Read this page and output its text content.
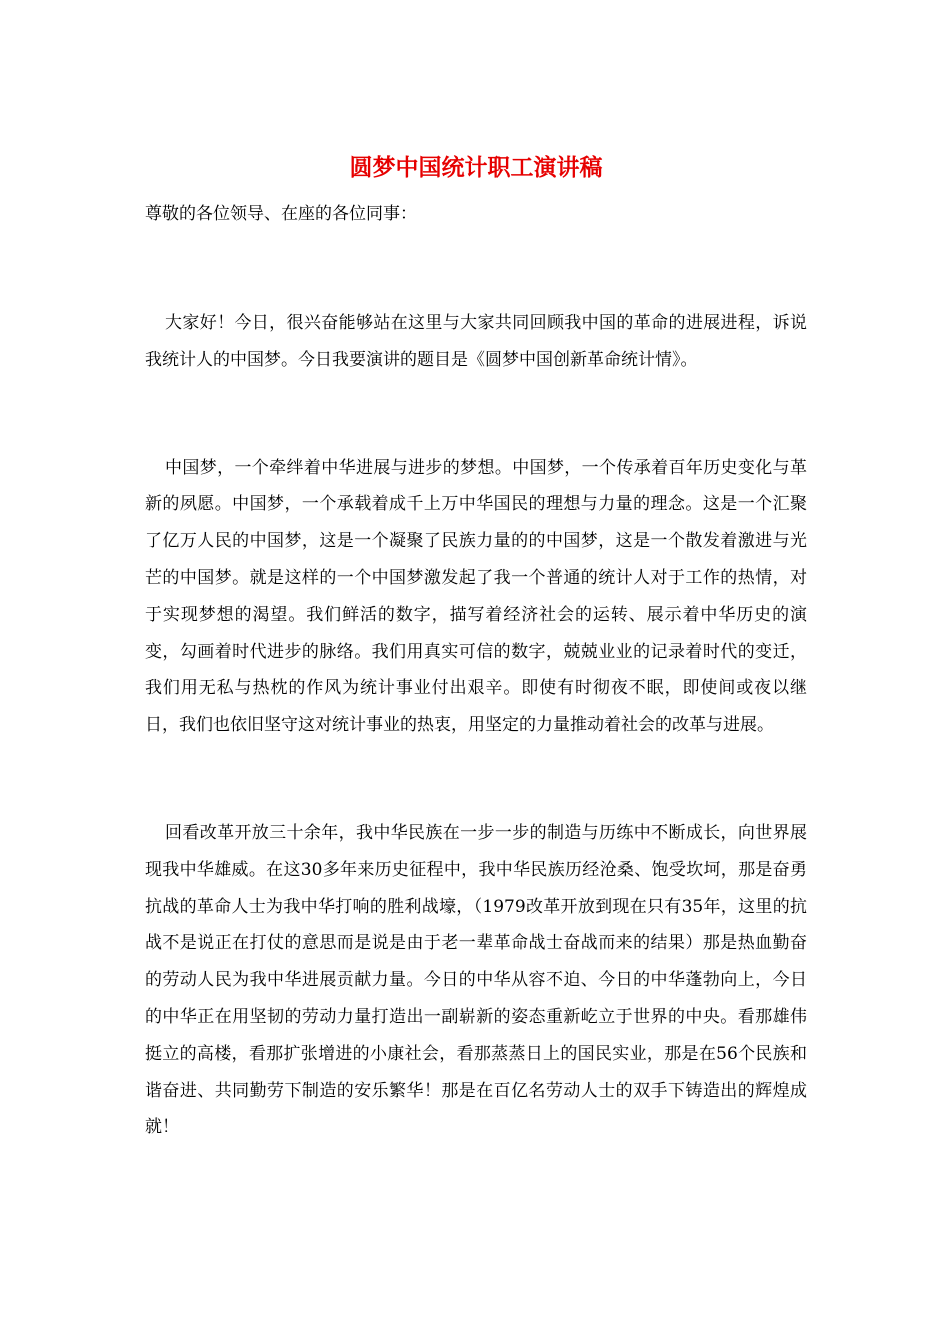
圆梦中国统计职工演讲稿

尊敬的各位领导、在座的各位同事：

大家好！今日，很兴奋能够站在这里与大家共同回顾我中国的革命的进展进程，诉说我统计人的中国梦。今日我要演讲的题目是《圆梦中国创新革命统计情》。

中国梦，一个牵绊着中华进展与进步的梦想。中国梦，一个传承着百年历史变化与革新的夙愿。中国梦，一个承载着成千上万中华国民的理想与力量的理念。这是一个汇聚了亿万人民的中国梦，这是一个凝聚了民族力量的的中国梦，这是一个散发着激进与光芒的中国梦。就是这样的一个中国梦激发起了我一个普通的统计人对于工作的热情，对于实现梦想的渴望。我们鲜活的数字，描写着经济社会的运转、展示着中华历史的演变，勾画着时代进步的脉络。我们用真实可信的数字，兢兢业业的记录着时代的变迁，我们用无私与热枕的作风为统计事业付出艰辛。即使有时彻夜不眠，即使间或夜以继日，我们也依旧坚守这对统计事业的热衷，用坚定的力量推动着社会的改革与进展。

回看改革开放三十余年，我中华民族在一步一步的制造与历练中不断成长，向世界展现我中华雄威。在这30多年来历史征程中，我中华民族历经沧桑、饱受坎坷，那是奋勇抗战的革命人士为我中华打响的胜利战壕，（1979改革开放到现在只有35年，这里的抗战不是说正在打仗的意思而是说是由于老一辈革命战士奋战而来的结果）那是热血勤奋的劳动人民为我中华进展贡献力量。今日的中华从容不迫、今日的中华蓬勃向上，今日的中华正在用坚韧的劳动力量打造出一副崭新的姿态重新屹立于世界的中央。看那雄伟挺立的高楼，看那扩张增进的小康社会，看那蒸蒸日上的国民实业，那是在56个民族和谐奋进、共同勤劳下制造的安乐繁华！那是在百亿名劳动人士的双手下铸造出的辉煌成就！
